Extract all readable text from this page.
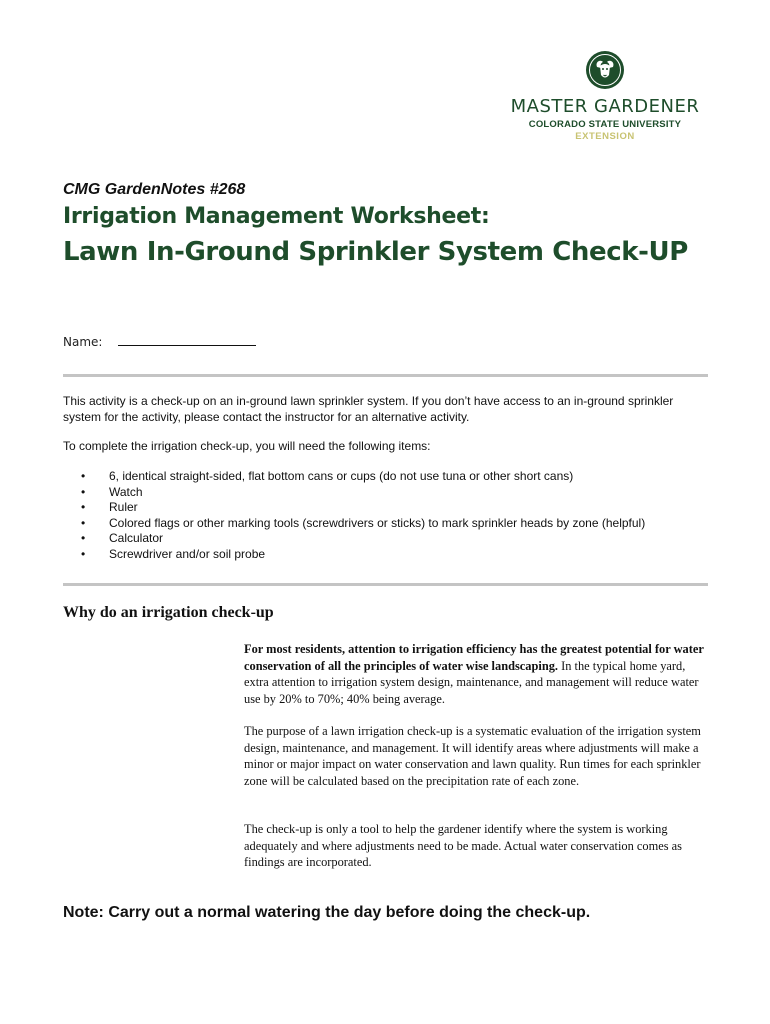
MASTER GARDENER
COLORADO STATE UNIVERSITY
EXTENSION
CMG GardenNotes #268
Irrigation Management Worksheet:
Lawn In-Ground Sprinkler System Check-UP
Name:
This activity is a check-up on an in-ground lawn sprinkler system. If you don’t have access to an in-ground sprinkler system for the activity, please contact the instructor for an alternative activity.
To complete the irrigation check-up, you will need the following items:
• 6, identical straight-sided, flat bottom cans or cups (do not use tuna or other short cans)
• Watch
• Ruler
• Colored flags or other marking tools (screwdrivers or sticks) to mark sprinkler heads by zone (helpful)
• Calculator
• Screwdriver and/or soil probe
Why do an irrigation check-up
For most residents, attention to irrigation efficiency has the greatest potential for water conservation of all the principles of water wise landscaping. In the typical home yard, extra attention to irrigation system design, maintenance, and management will reduce water use by 20% to 70%; 40% being average.
The purpose of a lawn irrigation check-up is a systematic evaluation of the irrigation system design, maintenance, and management. It will identify areas where adjustments will make a minor or major impact on water conservation and lawn quality. Run times for each sprinkler zone will be calculated based on the precipitation rate of each zone.
The check-up is only a tool to help the gardener identify where the system is working adequately and where adjustments need to be made. Actual water conservation comes as findings are incorporated.
Note: Carry out a normal watering the day before doing the check-up.
